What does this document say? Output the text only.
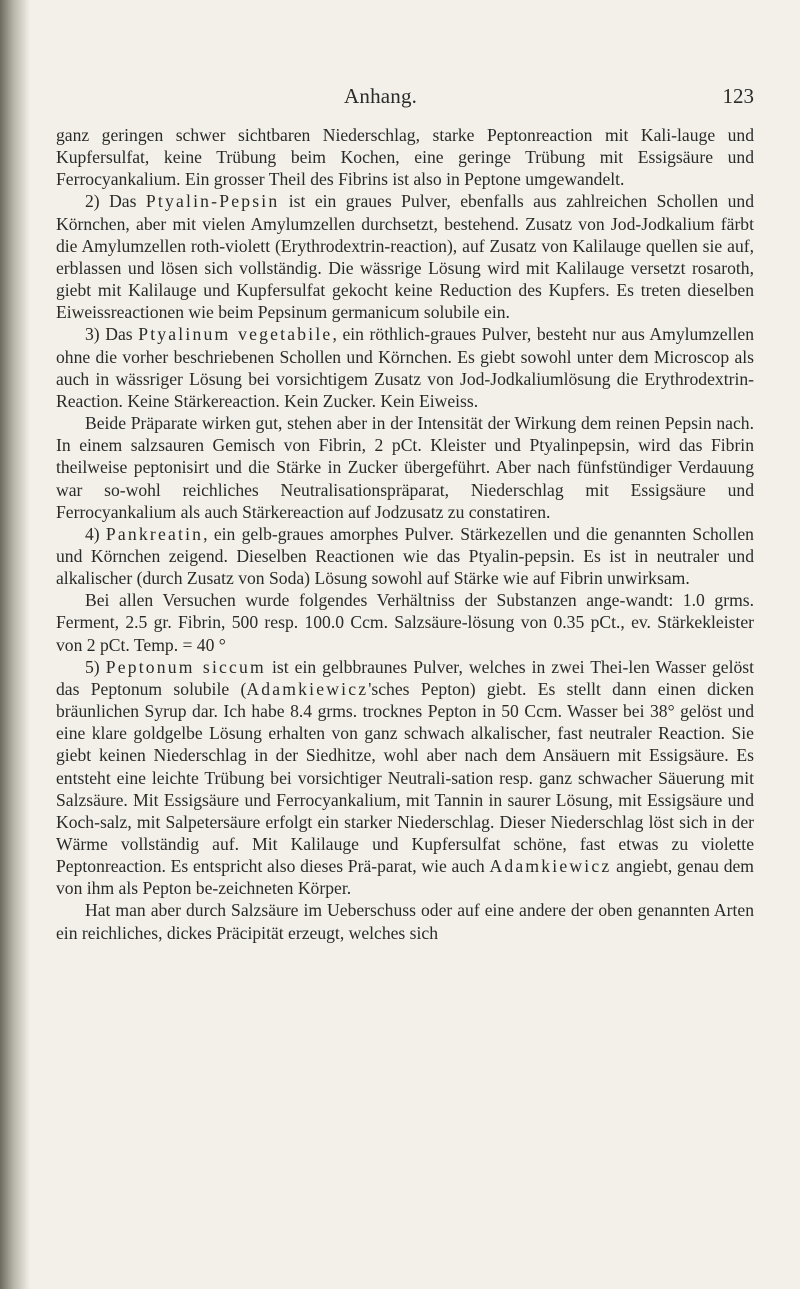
Anhang.	123

ganz geringen schwer sichtbaren Niederschlag, starke Peptonreaction mit Kali-lauge und Kupfersulfat, keine Trübung beim Kochen, eine geringe Trübung mit Essigsäure und Ferrocyankalium. Ein grosser Theil des Fibrins ist also in Peptone umgewandelt.

2) Das Ptyalin-Pepsin ist ein graues Pulver, ebenfalls aus zahlreichen Schollen und Körnchen, aber mit vielen Amylumzellen durchsetzt, bestehend. Zusatz von Jod-Jodkalium färbt die Amylumzellen roth-violett (Erythrodextrin-reaction), auf Zusatz von Kalilauge quellen sie auf, erblassen und lösen sich vollständig. Die wässrige Lösung wird mit Kalilauge versetzt rosaroth, giebt mit Kalilauge und Kupfersulfat gekocht keine Reduction des Kupfers. Es treten dieselben Eiweissreactionen wie beim Pepsinum germanicum solubile ein.

3) Das Ptyalinum vegetabile, ein röthlich-graues Pulver, besteht nur aus Amylumzellen ohne die vorher beschriebenen Schollen und Körnchen. Es giebt sowohl unter dem Microscop als auch in wässriger Lösung bei vorsichtigem Zusatz von Jod-Jodkaliumlösung die Erythrodextrin-Reaction. Keine Stärkereaction. Kein Zucker. Kein Eiweiss.

Beide Präparate wirken gut, stehen aber in der Intensität der Wirkung dem reinen Pepsin nach. In einem salzsauren Gemisch von Fibrin, 2 pCt. Kleister und Ptyalinpepsin, wird das Fibrin theilweise peptonisirt und die Stärke in Zucker übergeführt. Aber nach fünfstündiger Verdauung war so-wohl reichliches Neutralisationspräparat, Niederschlag mit Essigsäure und Ferrocyankalium als auch Stärkereaction auf Jodzusatz zu constatiren.

4) Pankreatin, ein gelb-graues amorphes Pulver. Stärkezellen und die genannten Schollen und Körnchen zeigend. Dieselben Reactionen wie das Ptyalin-pepsin. Es ist in neutraler und alkalischer (durch Zusatz von Soda) Lösung sowohl auf Stärke wie auf Fibrin unwirksam.

Bei allen Versuchen wurde folgendes Verhältniss der Substanzen ange-wandt: 1.0 grms. Ferment, 2.5 gr. Fibrin, 500 resp. 100.0 Ccm. Salzsäure-lösung von 0.35 pCt., ev. Stärkekleister von 2 pCt. Temp. = 40 °

5) Peptonum siccum ist ein gelbbraunes Pulver, welches in zwei Thei-len Wasser gelöst das Peptonum solubile (Adamkiewicz'sches Pepton) giebt. Es stellt dann einen dicken bräunlichen Syrup dar. Ich habe 8.4 grms. trocknes Pepton in 50 Ccm. Wasser bei 38° gelöst und eine klare goldgelbe Lösung erhalten von ganz schwach alkalischer, fast neutraler Reaction. Sie giebt keinen Niederschlag in der Siedhitze, wohl aber nach dem Ansäuern mit Essigsäure. Es entsteht eine leichte Trübung bei vorsichtiger Neutrali-sation resp. ganz schwacher Säuerung mit Salzsäure. Mit Essigsäure und Ferrocyankalium, mit Tannin in saurer Lösung, mit Essigsäure und Koch-salz, mit Salpetersäure erfolgt ein starker Niederschlag. Dieser Niederschlag löst sich in der Wärme vollständig auf. Mit Kalilauge und Kupfersulfat schöne, fast etwas zu violette Peptonreaction. Es entspricht also dieses Prä-parat, wie auch Adamkiewicz angiebt, genau dem von ihm als Pepton be-zeichneten Körper.

Hat man aber durch Salzsäure im Ueberschuss oder auf eine andere der oben genannten Arten ein reichliches, dickes Präcipität erzeugt, welches sich
